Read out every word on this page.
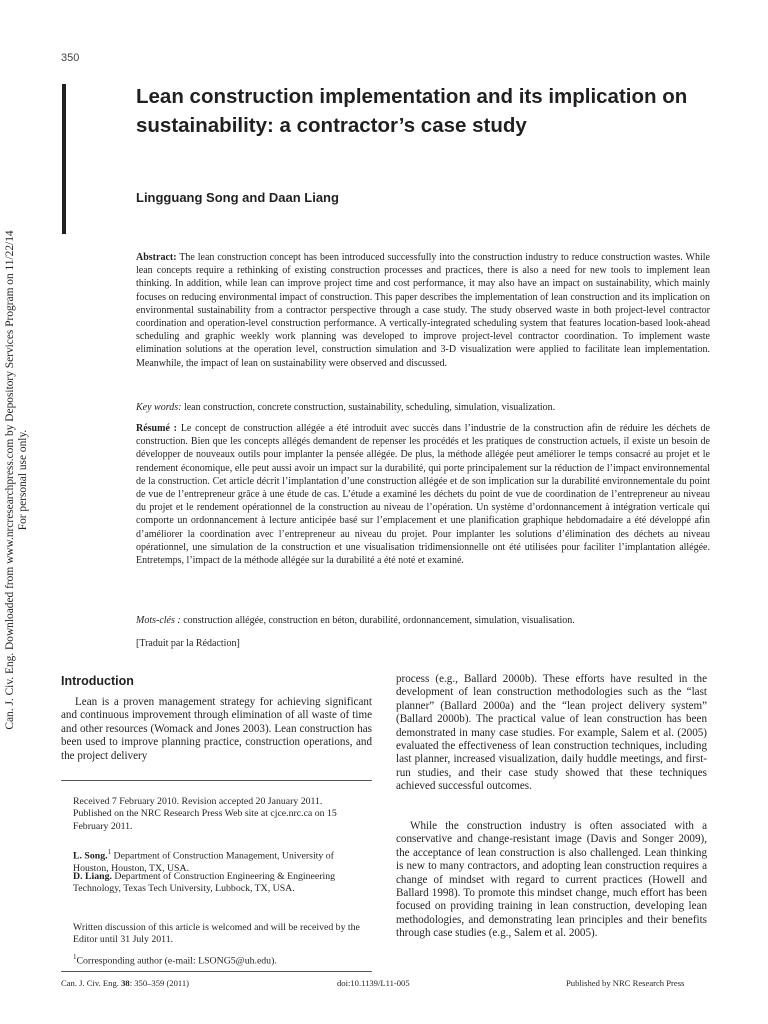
350
Lean construction implementation and its implication on sustainability: a contractor’s case study

Lingguang Song and Daan Liang

Can. J. Civ. Eng. Downloaded from www.nrcresearchpress.com by Depository Services Program on 11/22/14 For personal use only.

Abstract: The lean construction concept has been introduced successfully into the construction industry to reduce construction wastes. While lean concepts require a rethinking of existing construction processes and practices, there is also a need for new tools to implement lean thinking. In addition, while lean can improve project time and cost performance, it may also have an impact on sustainability, which mainly focuses on reducing environmental impact of construction. This paper describes the implementation of lean construction and its implication on environmental sustainability from a contractor perspective through a case study. The study observed waste in both project-level contractor coordination and operation-level construction performance. A vertically-integrated scheduling system that features location-based look-ahead scheduling and graphic weekly work planning was developed to improve project-level contractor coordination. To implement waste elimination solutions at the operation level, construction simulation and 3-D visualization were applied to facilitate lean implementation. Meanwhile, the impact of lean on sustainability were observed and discussed.

Key words: lean construction, concrete construction, sustainability, scheduling, simulation, visualization.

Résumé : Le concept de construction allégée a été introduit avec succès dans l’industrie de la construction afin de réduire les déchets de construction. Bien que les concepts allégés demandent de repenser les procédés et les pratiques de construction actuels, il existe un besoin de développer de nouveaux outils pour implanter la pensée allégée. De plus, la méthode allégée peut améliorer le temps consacré au projet et le rendement économique, elle peut aussi avoir un impact sur la durabilité, qui porte principalement sur la réduction de l’impact environnemental de la construction. Cet article décrit l’implantation d’une construction allégée et de son implication sur la durabilité environnementale du point de vue de l’entrepreneur grâce à une étude de cas. L’étude a examiné les déchets du point de vue de coordination de l’entrepreneur au niveau du projet et le rendement opérationnel de la construction au niveau de l’opération. Un système d’ordonnancement à intégration verticale qui comporte un ordonnancement à lecture anticipée basé sur l’emplacement et une planification graphique hebdomadaire a été développé afin d’améliorer la coordination avec l’entrepreneur au niveau du projet. Pour implanter les solutions d’élimination des déchets au niveau opérationnel, une simulation de la construction et une visualisation tridimensionnelle ont été utilisées pour faciliter l’implantation allégée. Entretemps, l’impact de la méthode allégée sur la durabilité a été noté et examiné.

Mots-clés : construction allégée, construction en béton, durabilité, ordonnancement, simulation, visualisation.

[Traduit par la Rédaction]

Introduction

Lean is a proven management strategy for achieving significant and continuous improvement through elimination of all waste of time and other resources (Womack and Jones 2003). Lean construction has been used to improve planning practice, construction operations, and the project delivery

Received 7 February 2010. Revision accepted 20 January 2011. Published on the NRC Research Press Web site at cjce.nrc.ca on 15 February 2011.

L. Song.$^1$ Department of Construction Management, University of Houston, Houston, TX, USA.

D. Liang. Department of Construction Engineering & Engineering Technology, Texas Tech University, Lubbock, TX, USA.

Written discussion of this article is welcomed and will be received by the Editor until 31 July 2011.

$^1$Corresponding author (e-mail: LSONG5@uh.edu).

process (e.g., Ballard 2000b). These efforts have resulted in the development of lean construction methodologies such as the “last planner” (Ballard 2000a) and the “lean project delivery system” (Ballard 2000b). The practical value of lean construction has been demonstrated in many case studies. For example, Salem et al. (2005) evaluated the effectiveness of lean construction techniques, including last planner, increased visualization, daily huddle meetings, and first-run studies, and their case study showed that these techniques achieved successful outcomes.

While the construction industry is often associated with a conservative and change-resistant image (Davis and Songer 2009), the acceptance of lean construction is also challenged. Lean thinking is new to many contractors, and adopting lean construction requires a change of mindset with regard to current practices (Howell and Ballard 1998). To promote this mindset change, much effort has been focused on providing training in lean construction, developing lean methodologies, and demonstrating lean principles and their benefits through case studies (e.g., Salem et al. 2005).

Can. J. Civ. Eng. 38: 350–359 (2011)	doi:10.1139/L11-005	Published by NRC Research Press
